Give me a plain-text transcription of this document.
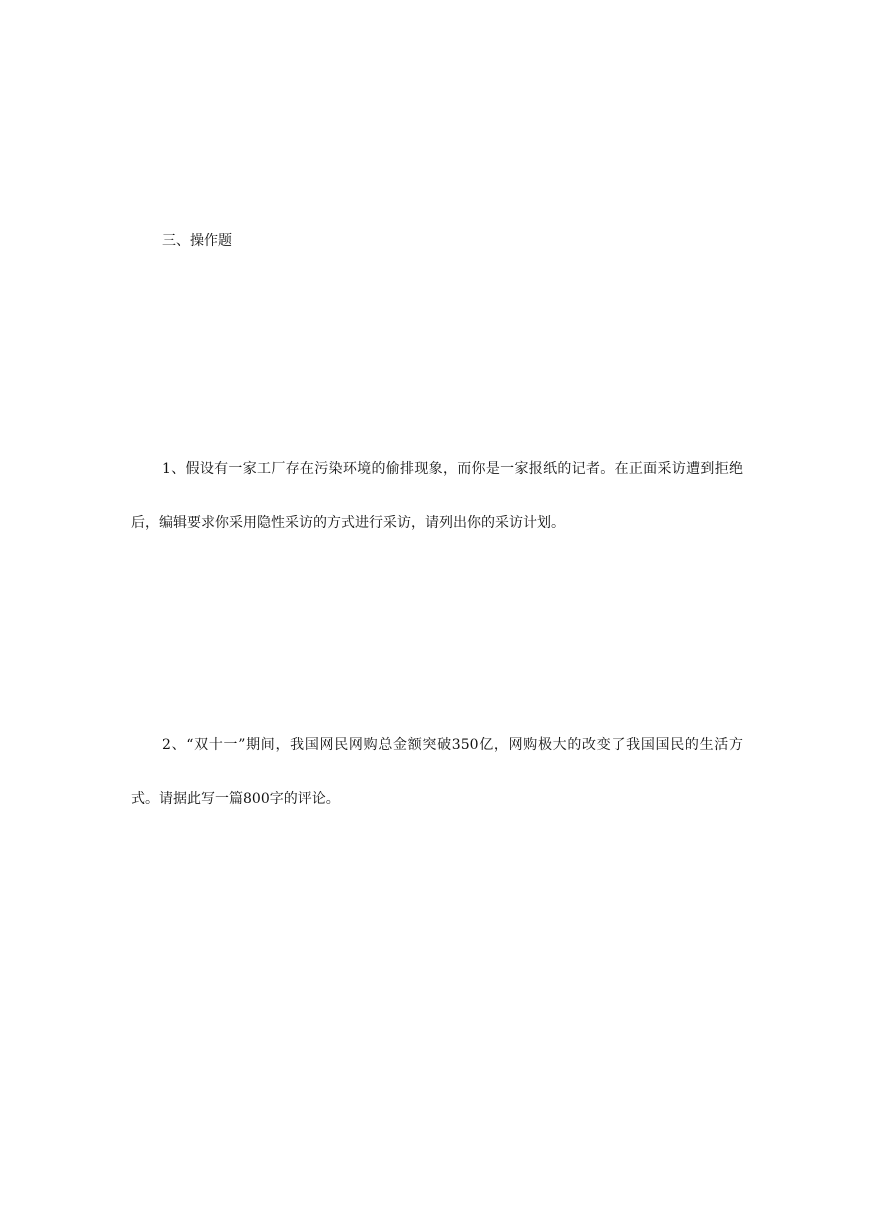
三、操作题

1、假设有一家工厂存在污染环境的偷排现象，而你是一家报纸的记者。在正面采访遭到拒绝后，编辑要求你采用隐性采访的方式进行采访，请列出你的采访计划。

2、“双十一”期间，我国网民网购总金额突破350亿，网购极大的改变了我国国民的生活方式。请据此写一篇800字的评论。
